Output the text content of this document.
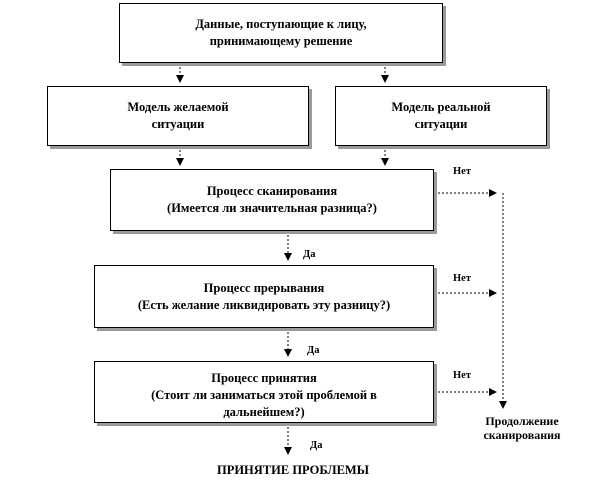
Данные, поступающие к лицу,
принимающему решение
Модель желаемой
ситуации
Модель реальной
ситуации
Процесс сканирования
(Имеется ли значительная разница?)
Процесс прерывания
(Есть желание ликвидировать эту разницу?)
Процесс принятия
(Стоит ли заниматься этой проблемой в
дальнейшем?)
Да
Да
Да
Нет
Нет
Нет
Продолжение
сканирования
ПРИНЯТИЕ ПРОБЛЕМЫ
